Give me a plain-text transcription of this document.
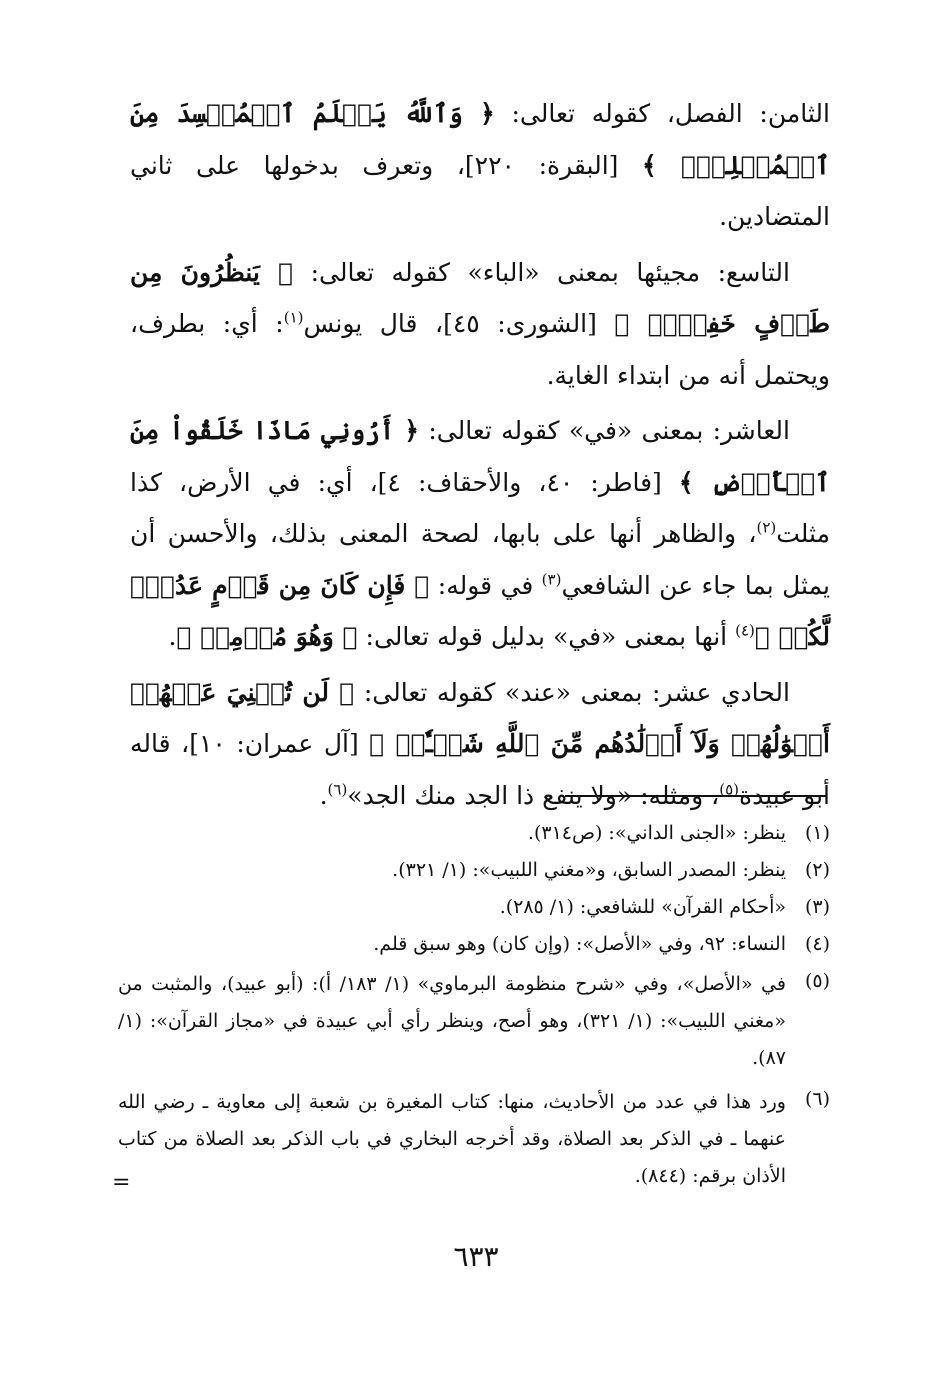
الثامن: الفصل، كقوله تعالى: ﴿ وَٱللَّهُ يَعۡلَمُ ٱلۡمُفۡسِدَ مِنَ ٱلۡمُصۡلِحِۚ ﴾ [البقرة: ٢٢٠]، وتعرف بدخولها على ثاني المتضادين.

التاسع: مجيئها بمعنى «الباء» كقوله تعالى: ﴿ يَنظُرُونَ مِن طَرۡفٍ خَفِيٍّۗ ﴾ [الشورى: ٤٥]، قال يونس$^{(١)}$: أي: بطرف، ويحتمل أنه من ابتداء الغاية.

العاشر: بمعنى «في» كقوله تعالى: ﴿ أَرُونِي مَاذَا خَلَقُواْ مِنَ ٱلۡأَرۡضِ ﴾ [فاطر: ٤٠، والأحقاف: ٤]، أي: في الأرض، كذا مثلت$^{(٢)}$، والظاهر أنها على بابها، لصحة المعنى بذلك، والأحسن أن يمثل بما جاء عن الشافعي$^{(٣)}$ في قوله: ﴿ فَإِن كَانَ مِن قَوۡمٍ عَدُوّٖ لَّكُمۡ ﴾$^{(٤)}$ أنها بمعنى «في» بدليل قوله تعالى: ﴿ وَهُوَ مُؤۡمِنٞ ﴾.

الحادي عشر: بمعنى «عند» كقوله تعالى: ﴿ لَن تُغۡنِيَ عَنۡهُمۡ أَمۡوَٰلُهُمۡ وَلَآ أَوۡلَٰدُهُم مِّنَ ٱللَّهِ شَيۡـٔٗاۖ ﴾ [آل عمران: ١٠]، قاله أبو عبيدة$^{(٥)}$، ومثله: «ولا ينفع ذا الجد منك الجد»$^{(٦)}$.

(١)
ينظر: «الجنى الداني»: (ص٣١٤).
(٢)
ينظر: المصدر السابق، و«مغني اللبيب»: (١/ ٣٢١).
(٣)
«أحكام القرآن» للشافعي: (١/ ٢٨٥).
(٤)
النساء: ٩٢، وفي «الأصل»: (وإن كان) وهو سبق قلم.
(٥)
في «الأصل»، وفي «شرح منظومة البرماوي» (١/ ١٨٣/ أ): (أبو عبيد)، والمثبت من «مغني اللبيب»: (١/ ٣٢١)، وهو أصح، وينظر رأي أبي عبيدة في «مجاز القرآن»: (١/ ٨٧).
(٦)
ورد هذا في عدد من الأحاديث، منها: كتاب المغيرة بن شعبة إلى معاوية ـ رضي الله عنهما ـ في الذكر بعد الصلاة، وقد أخرجه البخاري في باب الذكر بعد الصلاة من كتاب الأذان برقم: (٨٤٤).
=
٦٣٣
